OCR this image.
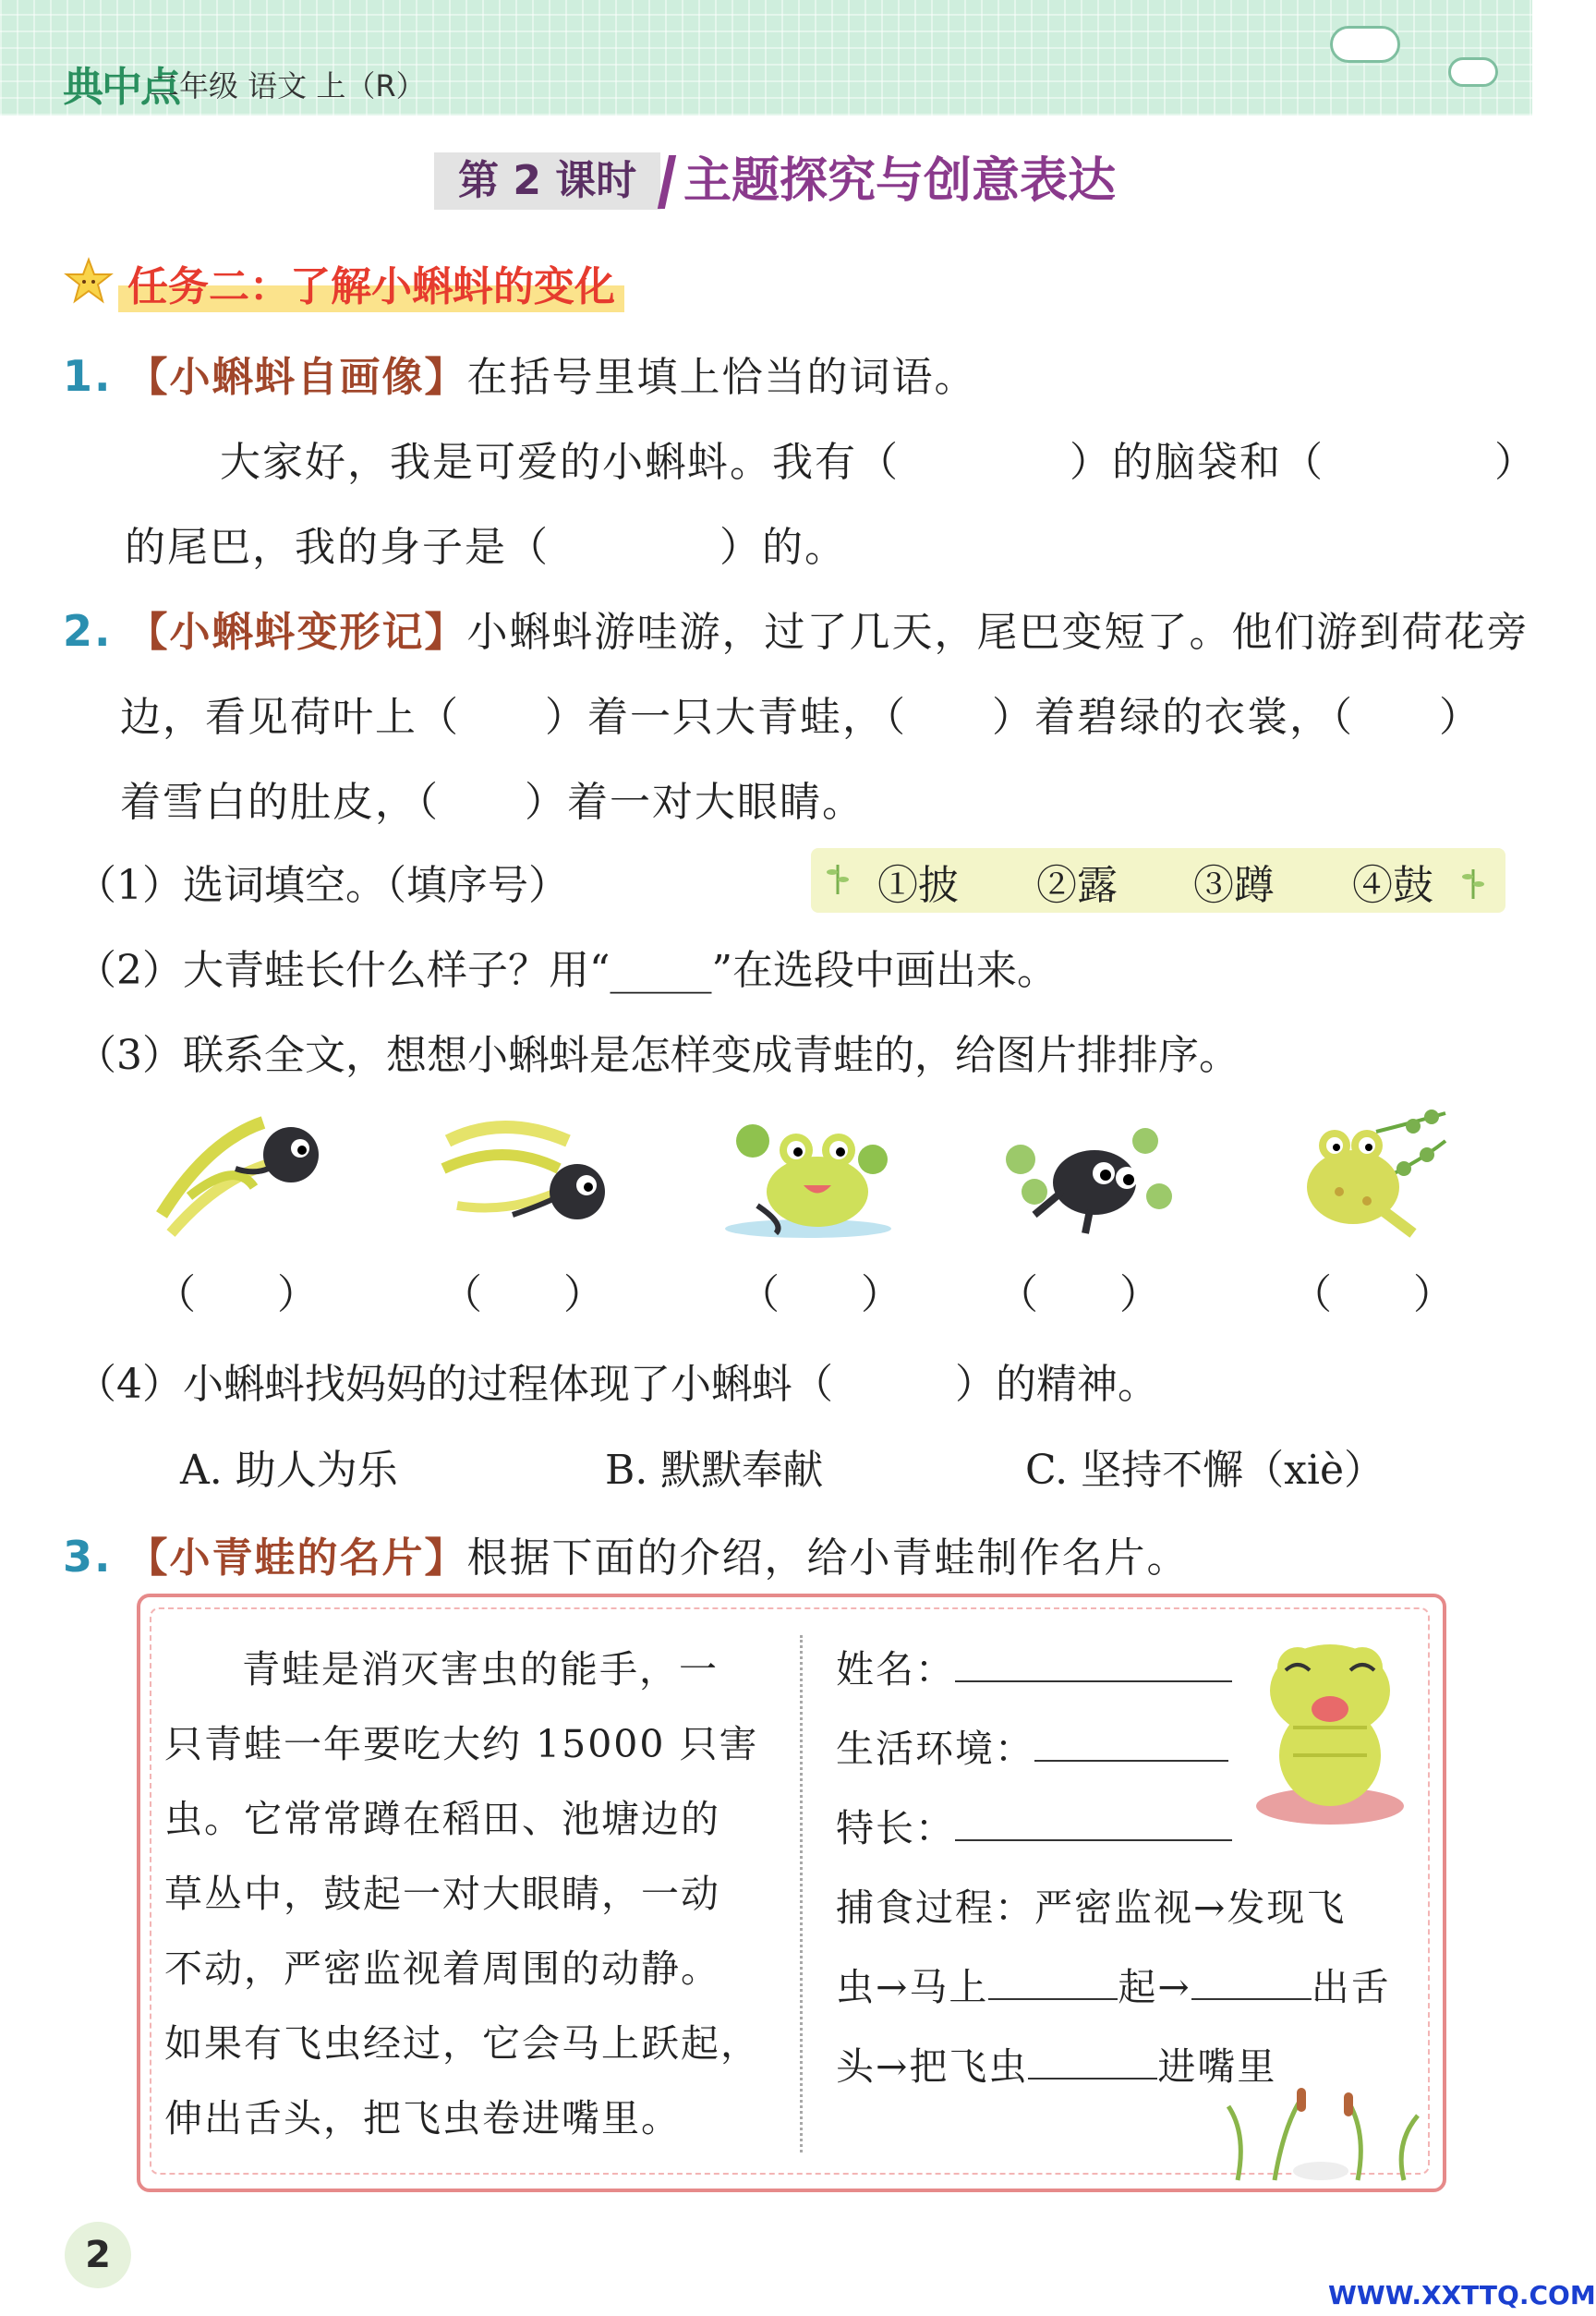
典中点
二年级 语文 上（R）
第 2 课时 主题探究与创意表达
任务二：了解小蝌蚪的变化
1. 【小蝌蚪自画像】在括号里填上恰当的词语。
大家好，我是可爱的小蝌蚪。我有（　　　　）的脑袋和（　　　　）
的尾巴，我的身子是（　　　　）的。
2. 【小蝌蚪变形记】小蝌蚪游哇游，过了几天，尾巴变短了。他们游到荷花旁
边，看见荷叶上（　　）着一只大青蛙，（　　）着碧绿的衣裳，（　　）
着雪白的肚皮，（　　）着一对大眼睛。
（1）选词填空。（填序号）	①披 ②露 ③蹲 ④鼓
（2）大青蛙长什么样子？用“_____”在选段中画出来。
（3）联系全文，想想小蝌蚪是怎样变成青蛙的，给图片排排序。
（　　）	（　　）	（　　） （　　）	（　　）
（4）小蝌蚪找妈妈的过程体现了小蝌蚪（　　　）的精神。
A. 助人为乐	B. 默默奉献	C. 坚持不懈（xiè）
3. 【小青蛙的名片】根据下面的介绍，给小青蛙制作名片。
青蛙是消灭害虫的能手，一
只青蛙一年要吃大约 15000 只害
虫。它常常蹲在稻田、池塘边的
草丛中，鼓起一对大眼睛，一动
不动，严密监视着周围的动静。
如果有飞虫经过，它会马上跃起，
伸出舌头，把飞虫卷进嘴里。
姓名：
生活环境：
特长：
捕食过程：严密监视→发现飞
虫→马上	起→	出舌
头→把飞虫	进嘴里
2
WWW.XXTTQ.COM
